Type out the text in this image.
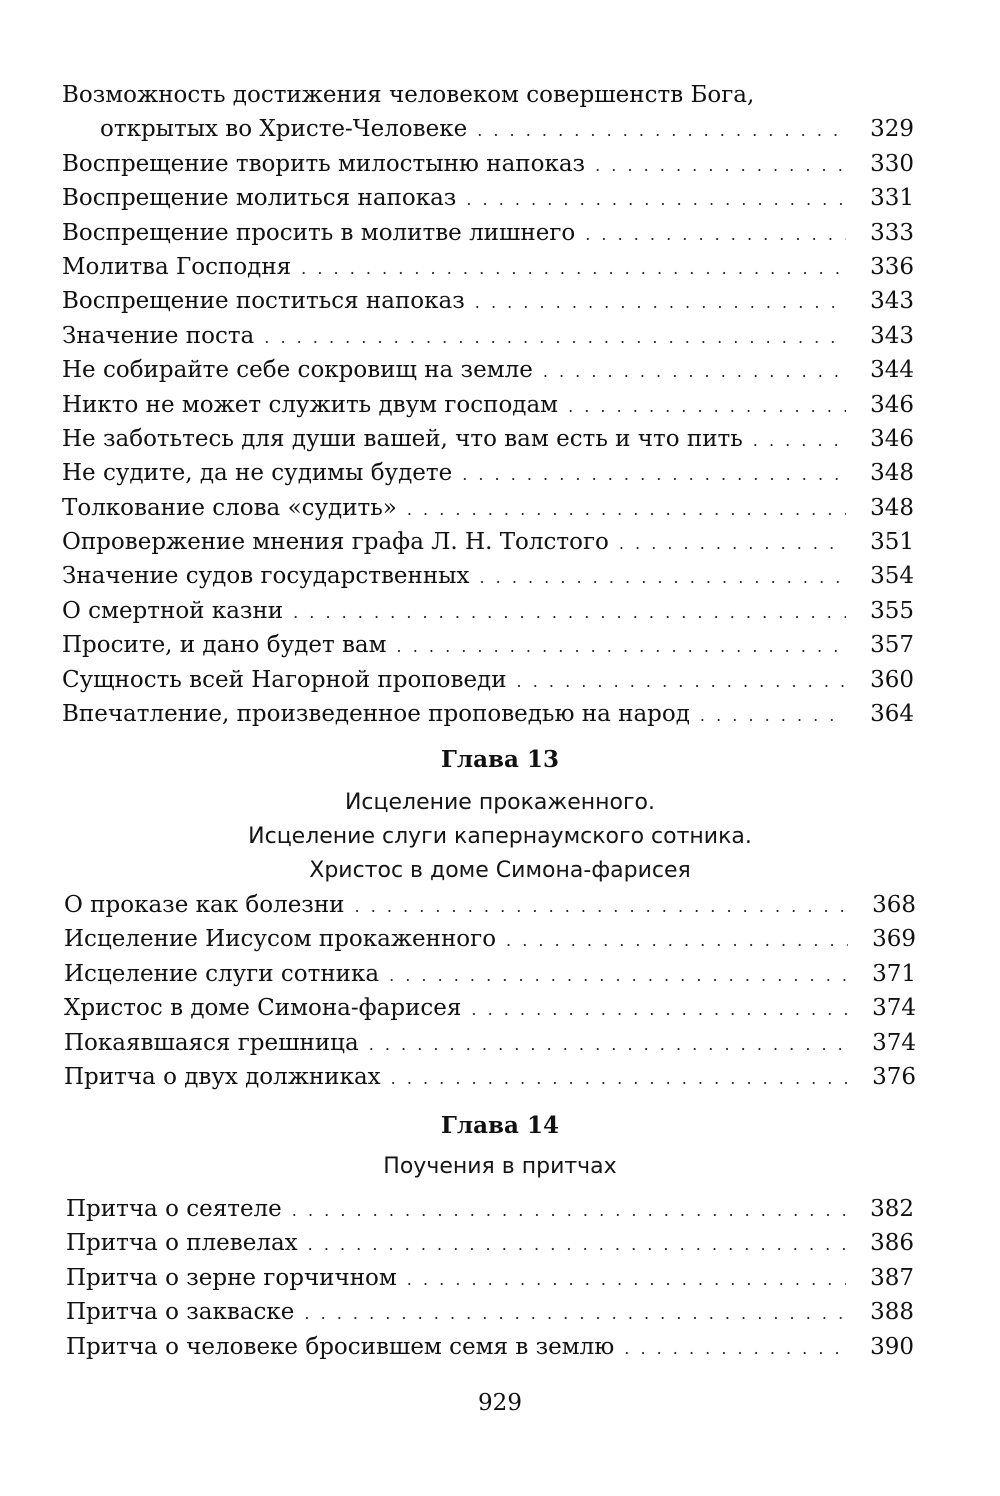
Возможность достижения человеком совершенств Бога,
открытых во Христе-Человеке . . .	329
Воспрещение творить милостыню напоказ . . .	330
Воспрещение молиться напоказ . . .	331
Воспрещение просить в молитве лишнего . . .	333
Молитва Господня . . .	336
Воспрещение поститься напоказ . . .	343
Значение поста . . .	343
Не собирайте себе сокровищ на земле . . .	344
Никто не может служить двум господам . . .	346
Не заботьтесь для души вашей, что вам есть и что пить . . .	346
Не судите, да не судимы будете . . .	348
Толкование слова «судить» . . .	348
Опровержение мнения графа Л. Н. Толстого . . .	351
Значение судов государственных . . .	354
О смертной казни . . .	355
Просите, и дано будет вам . . .	357
Сущность всей Нагорной проповеди . . .	360
Впечатление, произведенное проповедью на народ . . .	364
Глава 13
Исцеление прокаженного.
Исцеление слуги капернаумского сотника.
Христос в доме Симона-фарисея
О проказе как болезни . . .	368
Исцеление Иисусом прокаженного . . .	369
Исцеление слуги сотника . . .	371
Христос в доме Симона-фарисея . . .	374
Покаявшаяся грешница . . .	374
Притча о двух должниках . . .	376
Глава 14
Поучения в притчах
Притча о сеятеле . . .	382
Притча о плевелах . . .	386
Притча о зерне горчичном . . .	387
Притча о закваске . . .	388
Притча о человеке бросившем семя в землю . . .	390
929
